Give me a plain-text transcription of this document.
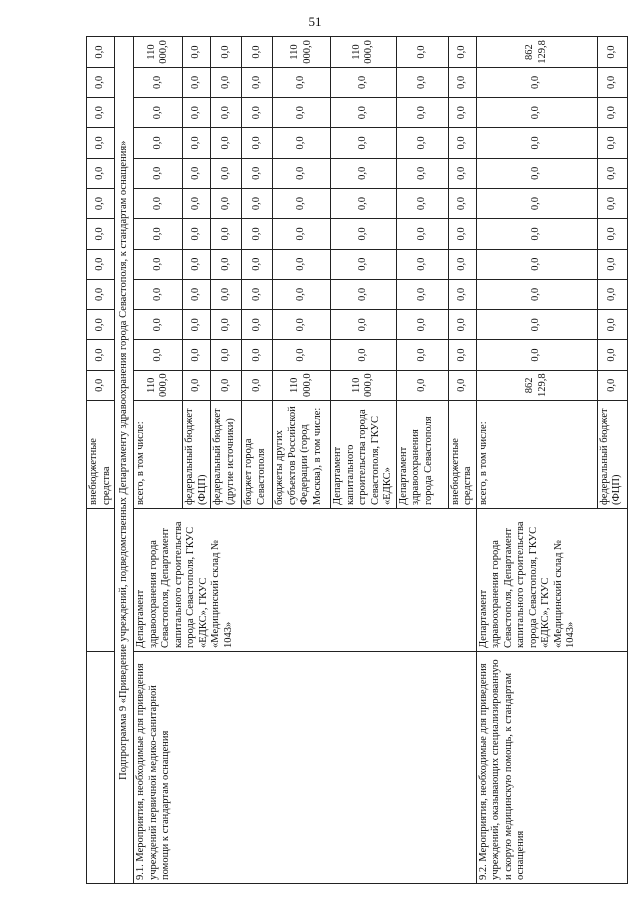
51
		внебюджетные средства	0,0	0,0	0,0	0,0	0,0	0,0	0,0	0,0	0,0	0,0	0,0	0,0
Подпрограмма 9 «Приведение учреждений, подведомственных Департаменту здравоохранения города Севастополя, к стандартам оснащения»														
9.1. Мероприятия, необходимые для приведения учреждений первичной медико-санитарной помощи к стандартам оснащения	Департамент здравоохранения города Севастополя, Департамент капитального строительства города Севастополя, ГКУС «ЕДКС», ГКУС «Медицинский склад № 1043»	всего, в том числе:	110 000,0	0,0	0,0	0,0	0,0	0,0	0,0	0,0	0,0	0,0	0,0	110 000,0
		федеральный бюджет (ФЦП)	0,0	0,0	0,0	0,0	0,0	0,0	0,0	0,0	0,0	0,0	0,0	0,0
		федеральный бюджет (другие источники)	0,0	0,0	0,0	0,0	0,0	0,0	0,0	0,0	0,0	0,0	0,0	0,0
		бюджет города Севастополя	0,0	0,0	0,0	0,0	0,0	0,0	0,0	0,0	0,0	0,0	0,0	0,0
		бюджеты других субъектов Российской Федерации (город Москва), в том числе:	110 000,0	0,0	0,0	0,0	0,0	0,0	0,0	0,0	0,0	0,0	0,0	110 000,0
		Департамент капитального строительства города Севастополя, ГКУС «ЕДКС»	110 000,0	0,0	0,0	0,0	0,0	0,0	0,0	0,0	0,0	0,0	0,0	110 000,0
		Департамент здравоохранения города Севастополя	0,0	0,0	0,0	0,0	0,0	0,0	0,0	0,0	0,0	0,0	0,0	0,0
		внебюджетные средства	0,0	0,0	0,0	0,0	0,0	0,0	0,0	0,0	0,0	0,0	0,0	0,0
9.2. Мероприятия, необходимые для приведения учреждений, оказывающих специализированную и скорую медицинскую помощь, к стандартам оснащения	Департамент здравоохранения города Севастополя, Департамент капитального строительства города Севастополя, ГКУС «ЕДКС», ГКУС «Медицинский склад № 1043»	всего, в том числе:	862 129,8	0,0	0,0	0,0	0,0	0,0	0,0	0,0	0,0	0,0	0,0	862 129,8
		федеральный бюджет (ФЦП)	0,0	0,0	0,0	0,0	0,0	0,0	0,0	0,0	0,0	0,0	0,0	0,0
